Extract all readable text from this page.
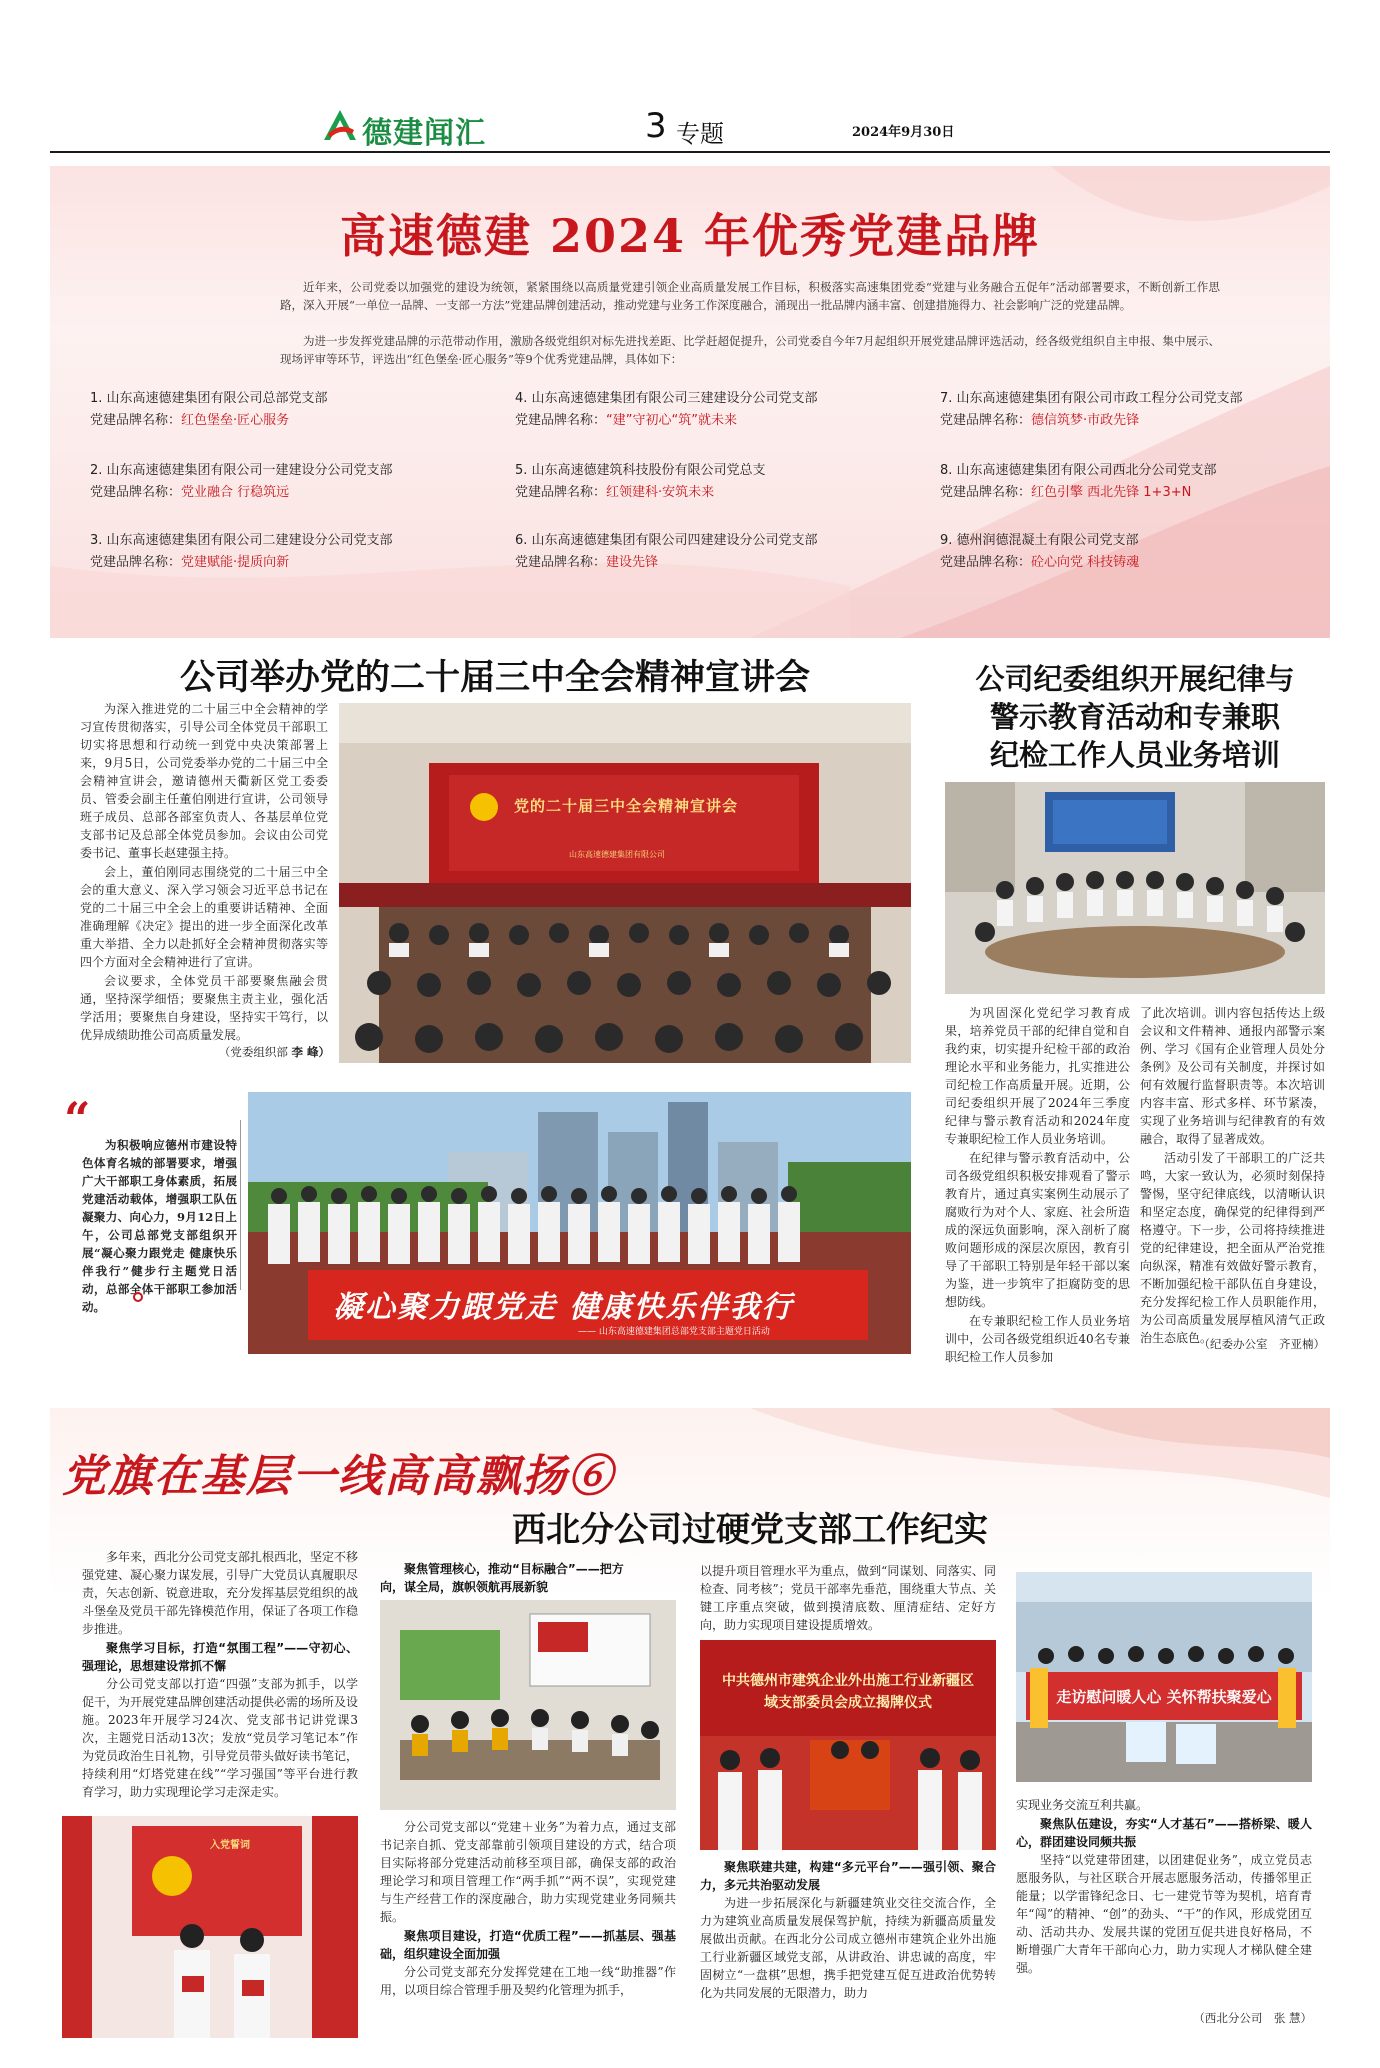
德建闻汇	3 专题	2024年9月30日
高速德建 2024 年优秀党建品牌
近年来，公司党委以加强党的建设为统领，紧紧围绕以高质量党建引领企业高质量发展工作目标，积极落实高速集团党委“党建与业务融合五促年”活动部署要求，不断创新工作思路，深入开展“一单位一品牌、一支部一方法”党建品牌创建活动，推动党建与业务工作深度融合，涌现出一批品牌内涵丰富、创建措施得力、社会影响广泛的党建品牌。
为进一步发挥党建品牌的示范带动作用，激励各级党组织对标先进找差距、比学赶超促提升，公司党委自今年7月起组织开展党建品牌评选活动，经各级党组织自主申报、集中展示、现场评审等环节，评选出“红色堡垒·匠心服务”等9个优秀党建品牌，具体如下：
1. 山东高速德建集团有限公司总部党支部
党建品牌名称：红色堡垒·匠心服务
2. 山东高速德建集团有限公司一建建设分公司党支部
党建品牌名称：党业融合 行稳筑远
3. 山东高速德建集团有限公司二建建设分公司党支部
党建品牌名称：党建赋能·提质向新
4. 山东高速德建集团有限公司三建建设分公司党支部
党建品牌名称：“建”守初心“筑”就未来
5. 山东高速德建筑科技股份有限公司党总支
党建品牌名称：红领建科·安筑未来
6. 山东高速德建集团有限公司四建建设分公司党支部
党建品牌名称：建设先锋
7. 山东高速德建集团有限公司市政工程分公司党支部
党建品牌名称：德信筑梦·市政先锋
8. 山东高速德建集团有限公司西北分公司党支部
党建品牌名称：红色引擎 西北先锋 1+3+N
9. 德州润德混凝土有限公司党支部
党建品牌名称：砼心向党 科技铸魂
公司举办党的二十届三中全会精神宣讲会

为深入推进党的二十届三中全会精神的学习宣传贯彻落实，引导公司全体党员干部职工切实将思想和行动统一到党中央决策部署上来，9月5日，公司党委举办党的二十届三中全会精神宣讲会，邀请德州天衢新区党工委委员、管委会副主任董伯刚进行宣讲，公司领导班子成员、总部各部室负责人、各基层单位党支部书记及总部全体党员参加。会议由公司党委书记、董事长赵建强主持。

会上，董伯刚同志围绕党的二十届三中全会的重大意义、深入学习领会习近平总书记在党的二十届三中全会上的重要讲话精神、全面准确理解《决定》提出的进一步全面深化改革重大举措、全力以赴抓好全会精神贯彻落实等四个方面对全会精神进行了宣讲。

会议要求，全体党员干部要聚焦融会贯通，坚持深学细悟；要聚焦主责主业，强化活学活用；要聚焦自身建设，坚持实干笃行，以优异成绩助推公司高质量发展。

（党委组织部 李 峰）
党的二十届三中全会精神宣讲会
山东高速德建集团有限公司
“	为积极响应德州市建设特色体育名城的部署要求，增强广大干部职工身体素质，拓展党建活动载体，增强职工队伍凝聚力、向心力，9月12日上午，公司总部党支部组织开展“凝心聚力跟党走 健康快乐伴我行”健步行主题党日活动，总部全体干部职工参加活动。	凝心聚力跟党走 健康快乐伴我行
—— 山东高速德建集团总部党支部主题党日活动
公司纪委组织开展纪律与
警示教育活动和专兼职
纪检工作人员业务培训

为巩固深化党纪学习教育成果，培养党员干部的纪律自觉和自我约束，切实提升纪检干部的政治理论水平和业务能力，扎实推进公司纪检工作高质量开展。近期，公司纪委组织开展了2024年三季度纪律与警示教育活动和2024年度专兼职纪检工作人员业务培训。

在纪律与警示教育活动中，公司各级党组织积极安排观看了警示教育片，通过真实案例生动展示了腐败行为对个人、家庭、社会所造成的深远负面影响，深入剖析了腐败问题形成的深层次原因，教育引导了干部职工特别是年轻干部以案为鉴，进一步筑牢了拒腐防变的思想防线。

在专兼职纪检工作人员业务培训中，公司各级党组织近40名专兼职纪检工作人员参加

了此次培训。训内容包括传达上级会议和文件精神、通报内部警示案例、学习《国有企业管理人员处分条例》及公司有关制度，并探讨如何有效履行监督职责等。本次培训内容丰富、形式多样、环节紧凑，实现了业务培训与纪律教育的有效融合，取得了显著成效。

活动引发了干部职工的广泛共鸣，大家一致认为，必须时刻保持警惕，坚守纪律底线，以清晰认识和坚定态度，确保党的纪律得到严格遵守。下一步，公司将持续推进党的纪律建设，把全面从严治党推向纵深，精准有效做好警示教育，不断加强纪检干部队伍自身建设，充分发挥纪检工作人员职能作用，为公司高质量发展厚植风清气正政治生态底色。

（纪委办公室　齐亚楠）
党旗在基层一线高高飘扬⑥
西北分公司过硬党支部工作纪实

多年来，西北分公司党支部扎根西北，坚定不移强党建、凝心聚力谋发展，引导广大党员认真履职尽责，矢志创新、锐意进取，充分发挥基层党组织的战斗堡垒及党员干部先锋模范作用，保证了各项工作稳步推进。

聚焦学习目标，打造“氛围工程”——守初心、强理论，思想建设常抓不懈

分公司党支部以打造“四强”支部为抓手，以学促干，为开展党建品牌创建活动提供必需的场所及设施。2023年开展学习24次、党支部书记讲党课3次，主题党日活动13次；发放“党员学习笔记本”作为党员政治生日礼物，引导党员带头做好读书笔记，持续利用“灯塔党建在线”“学习强国”等平台进行教育学习，助力实现理论学习走深走实。

入党誓词
聚焦管理核心，推动“目标融合”——把方向，谋全局，旗帜领航再展新貌

分公司党支部以“党建＋业务”为着力点，通过支部书记亲自抓、党支部靠前引领项目建设的方式，结合项目实际将部分党建活动前移至项目部，确保支部的政治理论学习和项目管理工作“两手抓”“两不误”，实现党建与生产经营工作的深度融合，助力实现党建业务同频共振。

聚焦项目建设，打造“优质工程”——抓基层、强基础，组织建设全面加强

分公司党支部充分发挥党建在工地一线“助推器”作用，以项目综合管理手册及契约化管理为抓手，

以提升项目管理水平为重点，做到“同谋划、同落实、同检查、同考核”；党员干部率先垂范，围绕重大节点、关键工序重点突破，做到摸清底数、厘清症结、定好方向，助力实现项目建设提质增效。
中共德州市建筑企业外出施工行业新疆区域支部委员会成立揭牌仪式
聚焦联建共建，构建“多元平台”——强引领、聚合力，多元共治驱动发展

为进一步拓展深化与新疆建筑业交往交流合作，全力为建筑业高质量发展保驾护航，持续为新疆高质量发展做出贡献。在西北分公司成立德州市建筑企业外出施工行业新疆区域党支部，从讲政治、讲忠诚的高度，牢固树立“一盘棋”思想，携手把党建互促互进政治优势转化为共同发展的无限潜力，助力

走访慰问暖人心 关怀帮扶聚爱心

实现业务交流互利共赢。

聚焦队伍建设，夯实“人才基石”——搭桥梁、暖人心，群团建设同频共振

坚持“以党建带团建，以团建促业务”，成立党员志愿服务队，与社区联合开展志愿服务活动，传播邻里正能量；以学雷锋纪念日、七一建党节等为契机，培育青年“闯”的精神、“创”的劲头、“干”的作风，形成党团互动、活动共办、发展共谋的党团互促共进良好格局，不断增强广大青年干部向心力，助力实现人才梯队健全建强。

（西北分公司　张 慧）
